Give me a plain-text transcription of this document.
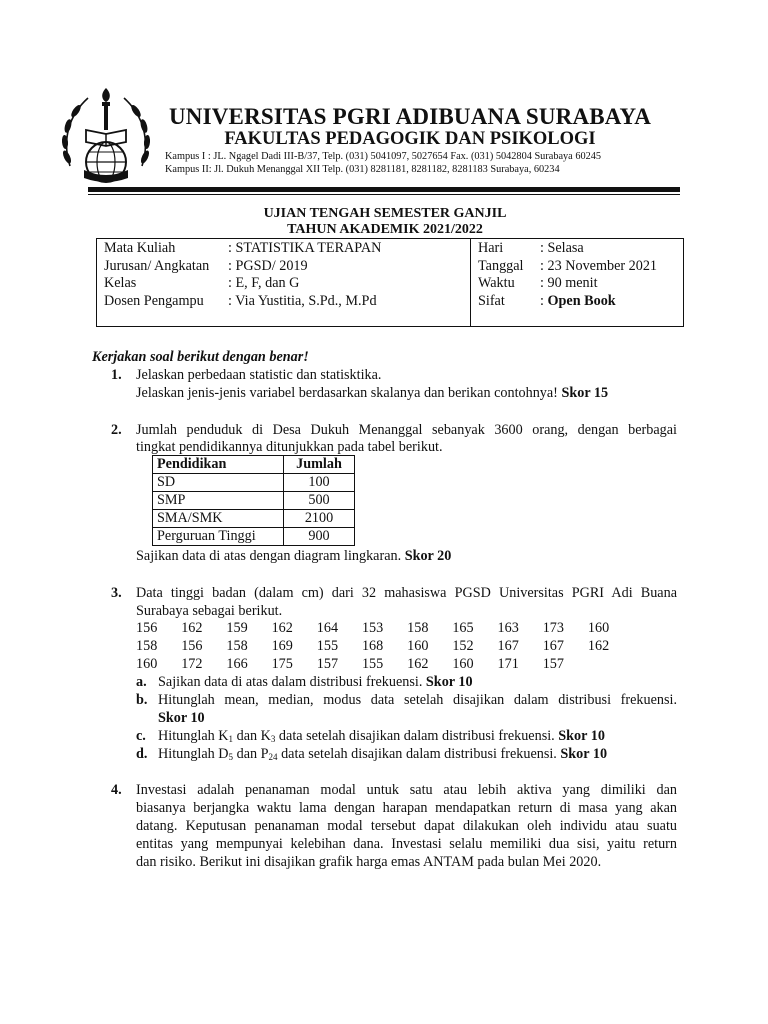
UNIVERSITAS PGRI ADIBUANA SURABAYA
FAKULTAS PEDAGOGIK DAN PSIKOLOGI
Kampus I : JL. Ngagel Dadi III-B/37, Telp. (031) 5041097, 5027654 Fax. (031) 5042804 Surabaya 60245
Kampus II: Jl. Dukuh Menanggal XII Telp. (031) 8281181, 8281182, 8281183 Surabaya, 60234
UJIAN TENGAH SEMESTER GANJIL
TAHUN AKADEMIK 2021/2022
Mata Kuliah	: STATISTIKA TERAPAN
Jurusan/ Angkatan : PGSD/ 2019
Kelas	: E, F, dan G
Dosen Pengampu : Via Yustitia, S.Pd., M.Pd
Hari	: Selasa
Tanggal : 23 November 2021
Waktu : 90 menit
Sifat : Open Book
Kerjakan soal berikut dengan benar!
1. Jelaskan perbedaan statistic dan statisktika.
Jelaskan jenis-jenis variabel berdasarkan skalanya dan berikan contohnya! Skor 15
2. Jumlah penduduk di Desa Dukuh Menanggal sebanyak 3600 orang, dengan berbagai
tingkat pendidikannya ditunjukkan pada tabel berikut.
Pendidikan	Jumlah
SD	100
SMP	500
SMA/SMK	2100
Perguruan Tinggi	900
Sajikan data di atas dengan diagram lingkaran. Skor 20
3. Data tinggi badan (dalam cm) dari 32 mahasiswa PGSD Universitas PGRI Adi Buana
Surabaya sebagai berikut.
156 162 159 162 164 153 158 165 163 173 160
158 156 158 169 155 168 160 152 167 167 162
160 172 166 175 157 155 162 160 171 157
a. Sajikan data di atas dalam distribusi frekuensi. Skor 10
b. Hitunglah mean, median, modus data setelah disajikan dalam distribusi frekuensi.
Skor 10
c. Hitunglah K1 dan K3 data setelah disajikan dalam distribusi frekuensi. Skor 10
d. Hitunglah D5 dan P24 data setelah disajikan dalam distribusi frekuensi. Skor 10
4. Investasi adalah penanaman modal untuk satu atau lebih aktiva yang dimiliki dan
biasanya berjangka waktu lama dengan harapan mendapatkan return di masa yang akan
datang. Keputusan penanaman modal tersebut dapat dilakukan oleh individu atau suatu
entitas yang mempunyai kelebihan dana. Investasi selalu memiliki dua sisi, yaitu return
dan risiko. Berikut ini disajikan grafik harga emas ANTAM pada bulan Mei 2020.
